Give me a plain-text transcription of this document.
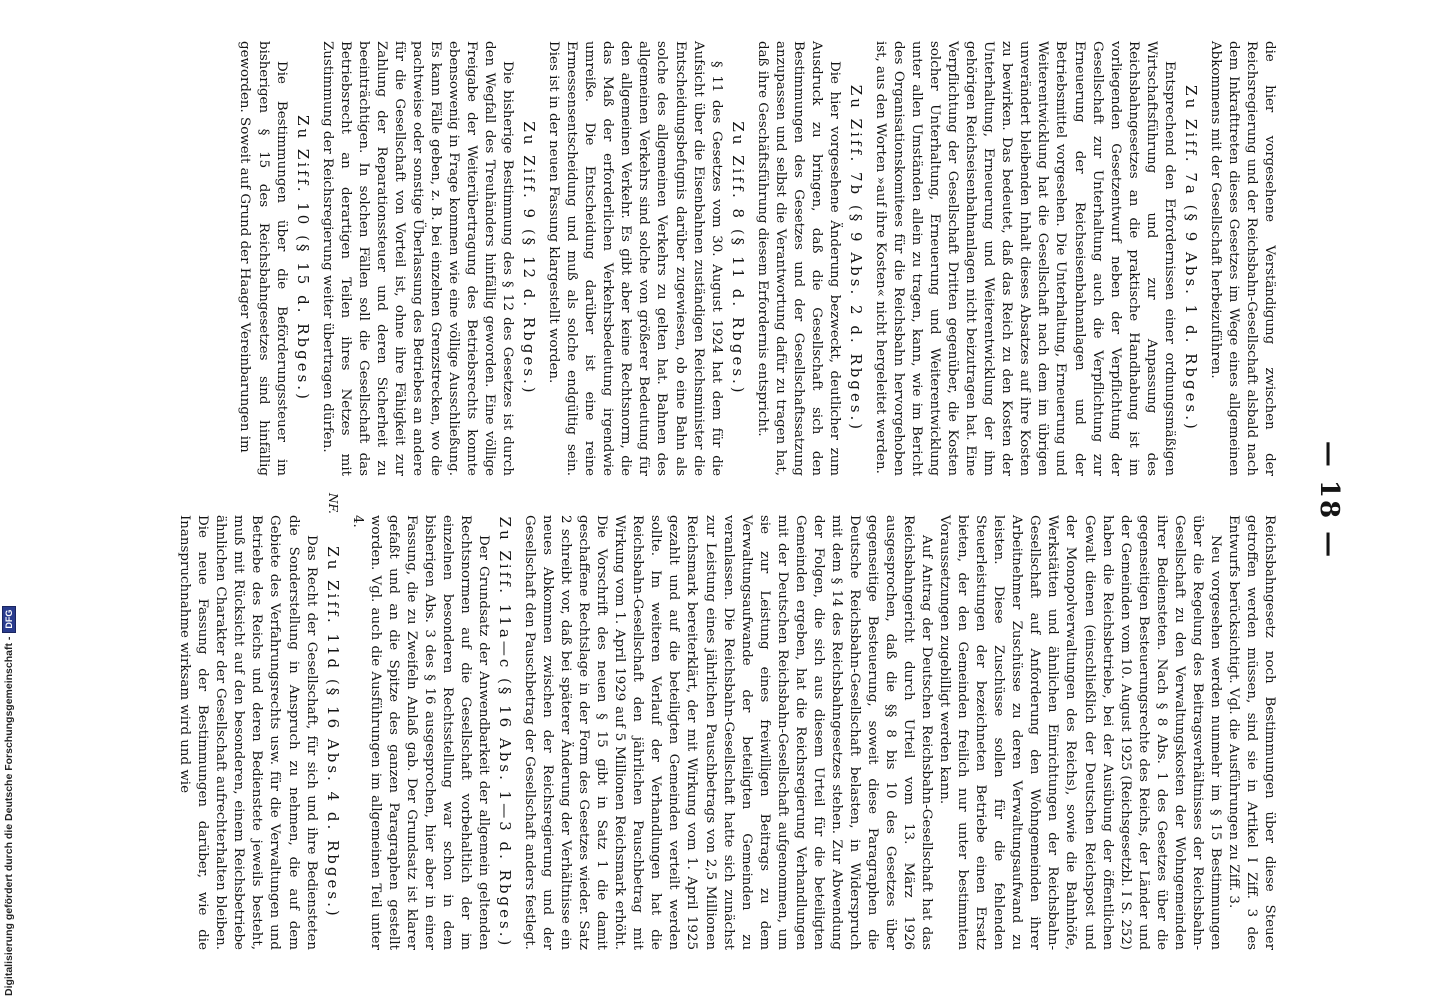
Digitalisierung gefördert durch die Deutsche Forschungsgemeinschaft -
DFG
— 18 —

die hier vorgesehene Verständigung zwischen der Reichsregierung und der Reichsbahn-Gesellschaft alsbald nach dem Inkrafttreten dieses Gesetzes im Wege eines allgemeinen Abkommens mit der Gesellschaft herbeizuführen.

Zu Ziff. 7a (§ 9 Abs. 1 d. Rbges.)

Entsprechend den Erfordernissen einer ordnungsmäßigen Wirtschaftsführung und zur Anpassung des Reichsbahngesetzes an die praktische Handhabung ist im vorliegenden Gesetzentwurf neben der Verpflichtung der Gesellschaft zur Unterhaltung auch die Verpflichtung zur Erneuerung der Reichseisenbahnanlagen und der Betriebsmittel vorgesehen. Die Unterhaltung, Erneuerung und Weiterentwicklung hat die Gesellschaft nach dem im übrigen unverändert bleibenden Inhalt dieses Absatzes auf ihre Kosten zu bewirken. Das bedeutet, daß das Reich zu den Kosten der Unterhaltung, Erneuerung und Weiterentwicklung der ihm gehörigen Reichseisenbahnanlagen nicht beizutragen hat. Eine Verpflichtung der Gesellschaft Dritten gegenüber, die Kosten solcher Unterhaltung, Erneuerung und Weiterentwicklung unter allen Umständen allein zu tragen, kann, wie im Bericht des Organisationskomitees für die Reichsbahn hervorgehoben ist, aus den Worten »auf ihre Kosten« nicht hergeleitet werden.

Zu Ziff. 7b (§ 9 Abs. 2 d. Rbges.)

Die hier vorgesehene Änderung bezweckt, deutlicher zum Ausdruck zu bringen, daß die Gesellschaft sich den Bestimmungen des Gesetzes und der Gesellschaftssatzung anzupassen und selbst die Verantwortung dafür zu tragen hat, daß ihre Geschäftsführung diesem Erfordernis entspricht.

Zu Ziff. 8 (§ 11 d. Rbges.)

§ 11 des Gesetzes vom 30. August 1924 hat dem für die Aufsicht über die Eisenbahnen zuständigen Reichsminister die Entscheidungsbefugnis darüber zugewiesen, ob eine Bahn als solche des allgemeinen Verkehrs zu gelten hat. Bahnen des allgemeinen Verkehrs sind solche von größerer Bedeutung für den allgemeinen Verkehr. Es gibt aber keine Rechtsnorm, die das Maß der erforderlichen Verkehrsbedeutung irgendwie umreiße. Die Entscheidung darüber ist eine reine Ermessensentscheidung und muß als solche endgültig sein. Dies ist in der neuen Fassung klargestellt worden.

Zu Ziff. 9 (§ 12 d. Rbges.)

Die bisherige Bestimmung des § 12 des Gesetzes ist durch den Wegfall des Treuhänders hinfällig geworden. Eine völlige Freigabe der Weiterübertragung des Betriebsrechts konnte ebensowenig in Frage kommen wie eine völlige Ausschließung. Es kann Fälle geben, z. B. bei einzelnen Grenzstrecken, wo die pachtweise oder sonstige Überlassung des Betriebes an andere für die Gesellschaft von Vorteil ist, ohne ihre Fähigkeit zur Zahlung der Reparationssteuer und deren Sicherheit zu beeinträchtigen. In solchen Fällen soll die Gesellschaft das Betriebsrecht an derartigen Teilen ihres Netzes mit Zustimmung der Reichsregierung weiter übertragen dürfen.

Zu Ziff. 10 (§ 15 d. Rbges.)

Die Bestimmungen über die Beförderungssteuer im bisherigen § 15 des Reichsbahngesetzes sind hinfällig geworden. Soweit auf Grund der Haager Vereinbarungen im

Reichsbahngesetz noch Bestimmungen über diese Steuer getroffen werden müssen, sind sie in Artikel I Ziff. 3 des Entwurfs berücksichtigt. Vgl. die Ausführungen zu Ziff. 3.

Neu vorgesehen werden nunmehr im § 15 Bestimmungen über die Regelung des Beitragsverhältnisses der Reichsbahn-Gesellschaft zu den Verwaltungskosten der Wohngemeinden ihrer Bediensteten. Nach § 8 Abs. 1 des Gesetzes über die gegenseitigen Besteuerungsrechte des Reichs, der Länder und der Gemeinden vom 10. August 1925 (Reichsgesetzbl. I S. 252) haben die Reichsbetriebe, bei der Ausübung der öffentlichen Gewalt dienen (einschließlich der Deutschen Reichspost und der Monopolverwaltungen des Reichs), sowie die Bahnhöfe, Werkstätten und ähnlichen Einrichtungen der Reichsbahn-Gesellschaft auf Anforderung den Wohngemeinden ihrer Arbeitnehmer Zuschüsse zu deren Verwaltungsaufwand zu leisten. Diese Zuschüsse sollen für die fehlenden Steuerleistungen der bezeichneten Betriebe einen Ersatz bieten, der den Gemeinden freilich nur unter bestimmten Voraussetzungen zugebilligt werden kann.

Auf Antrag der Deutschen Reichsbahn-Gesellschaft hat das Reichsbahngericht durch Urteil vom 13. März 1926 ausgesprochen, daß die §§ 8 bis 10 des Gesetzes über gegenseitige Besteuerung, soweit diese Paragraphen die Deutsche Reichsbahn-Gesellschaft belasten, in Widerspruch mit dem § 14 des Reichsbahngesetzes stehen. Zur Abwendung der Folgen, die sich aus diesem Urteil für die beteiligten Gemeinden ergeben, hat die Reichsregierung Verhandlungen mit der Deutschen Reichsbahn-Gesellschaft aufgenommen, um sie zur Leistung eines freiwilligen Beitrags zu dem Verwaltungsaufwande der beteiligten Gemeinden zu veranlassen. Die Reichsbahn-Gesellschaft hatte sich zunächst zur Leistung eines jährlichen Pauschbetrags von 2,5 Millionen Reichsmark bereiterklärt, der mit Wirkung vom 1. April 1925 gezahlt und auf die beteiligten Gemeinden verteilt werden sollte. Im weiteren Verlauf der Verhandlungen hat die Reichsbahn-Gesellschaft den jährlichen Pauschbetrag mit Wirkung vom 1. April 1929 auf 5 Millionen Reichsmark erhöht. Die Vorschrift des neuen § 15 gibt in Satz 1 die damit geschaffene Rechtslage in der Form des Gesetzes wieder. Satz 2 schreibt vor, daß bei späterer Änderung der Verhältnisse ein neues Abkommen zwischen der Reichsregierung und der Gesellschaft den Pauschbetrag der Gesellschaft anders festlegt.

Zu Ziff. 11a—c (§ 16 Abs. 1—3 d. Rbges.)

Der Grundsatz der Anwendbarkeit der allgemein geltenden Rechtsnormen auf die Gesellschaft vorbehaltlich der im einzelnen besonderen Rechtsstellung war schon in dem bisherigen Abs. 3 des § 16 ausgesprochen, hier aber in einer Fassung, die zu Zweifeln Anlaß gab. Der Grundsatz ist klarer gefaßt und an die Spitze des ganzen Paragraphen gestellt worden. Vgl. auch die Ausführungen im allgemeinen Teil unter 4.

NF.
Zu Ziff. 11d (§ 16 Abs. 4 d. Rbges.)

Das Recht der Gesellschaft, für sich und ihre Bediensteten die Sonderstellung in Anspruch zu nehmen, die auf dem Gebiete des Verfahrungsrechts usw. für die Verwaltungen und Betriebe des Reichs und deren Bedienstete jeweils besteht, muß mit Rücksicht auf den besonderen, einem Reichsbetriebe ähnlichen Charakter der Gesellschaft aufrechterhalten bleiben. Die neue Fassung der Bestimmungen darüber, wie die Inanspruchnahme wirksam wird und wie
